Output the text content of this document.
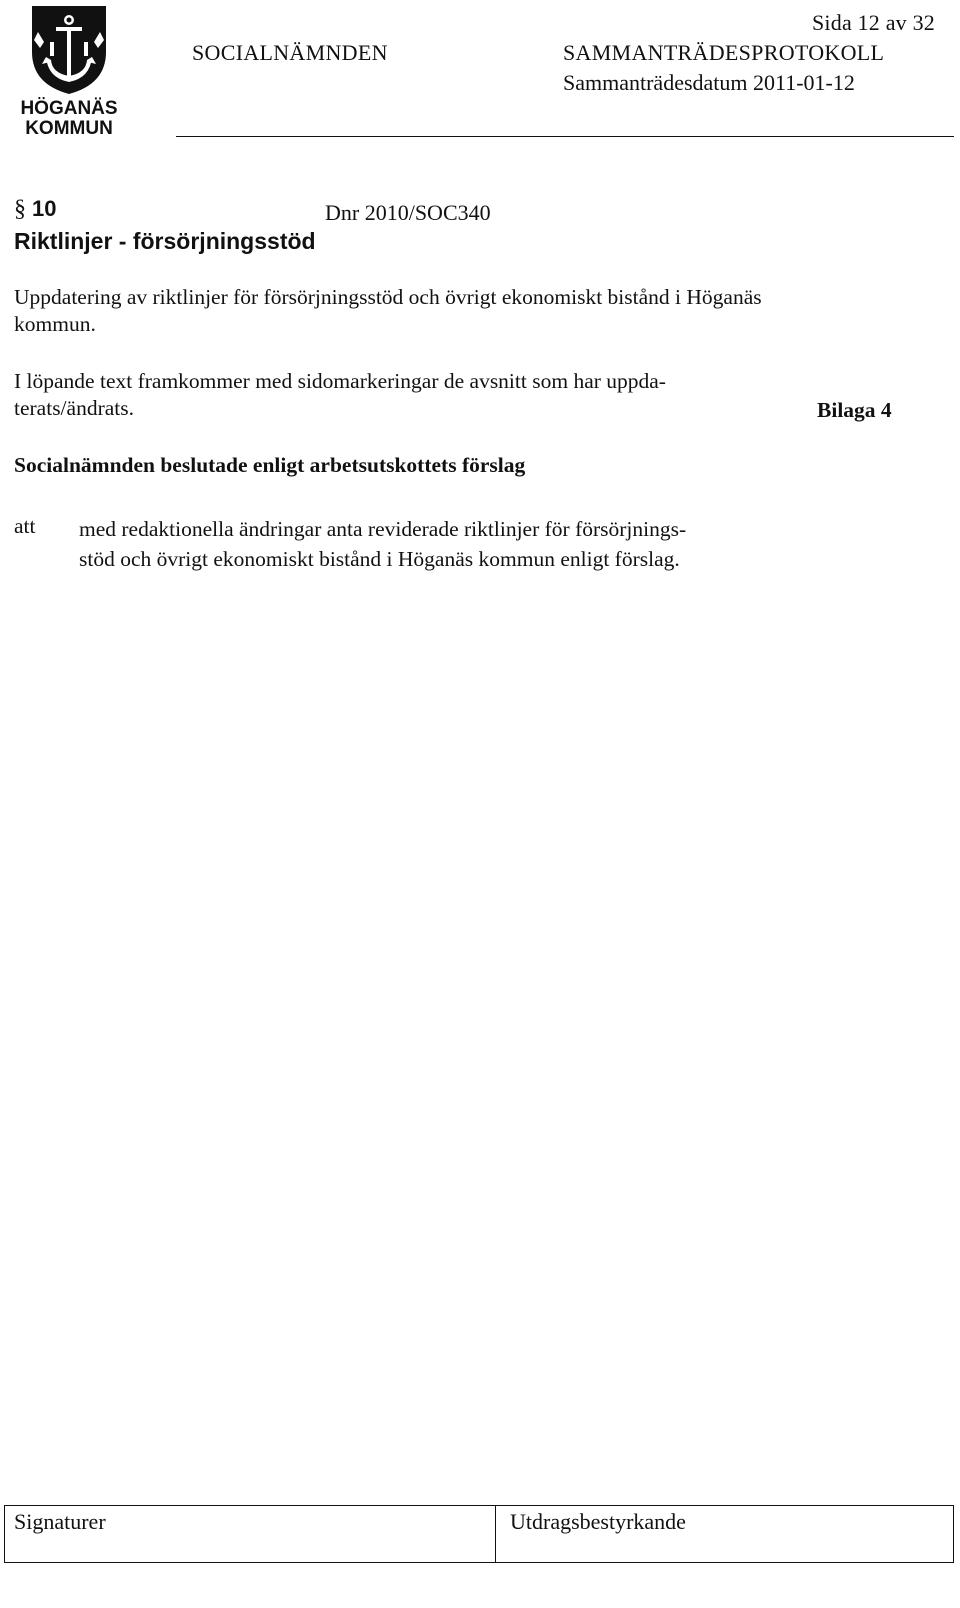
HÖGANÄS
KOMMUN
Sida 12 av 32
SOCIALNÄMNDEN	SAMMANTRÄDESPROTOKOLL
Sammanträdesdatum 2011-01-12
§ 10	Dnr 2010/SOC340
Riktlinjer - försörjningsstöd
Uppdatering av riktlinjer för försörjningsstöd och övrigt ekonomiskt bistånd i Höganäs kommun.
I löpande text framkommer med sidomarkeringar de avsnitt som har uppda-
terats/ändrats.	Bilaga 4
Socialnämnden beslutade enligt arbetsutskottets förslag
att med redaktionella ändringar anta reviderade riktlinjer för försörjnings-
stöd och övrigt ekonomiskt bistånd i Höganäs kommun enligt förslag.
Signaturer	Utdragsbestyrkande
